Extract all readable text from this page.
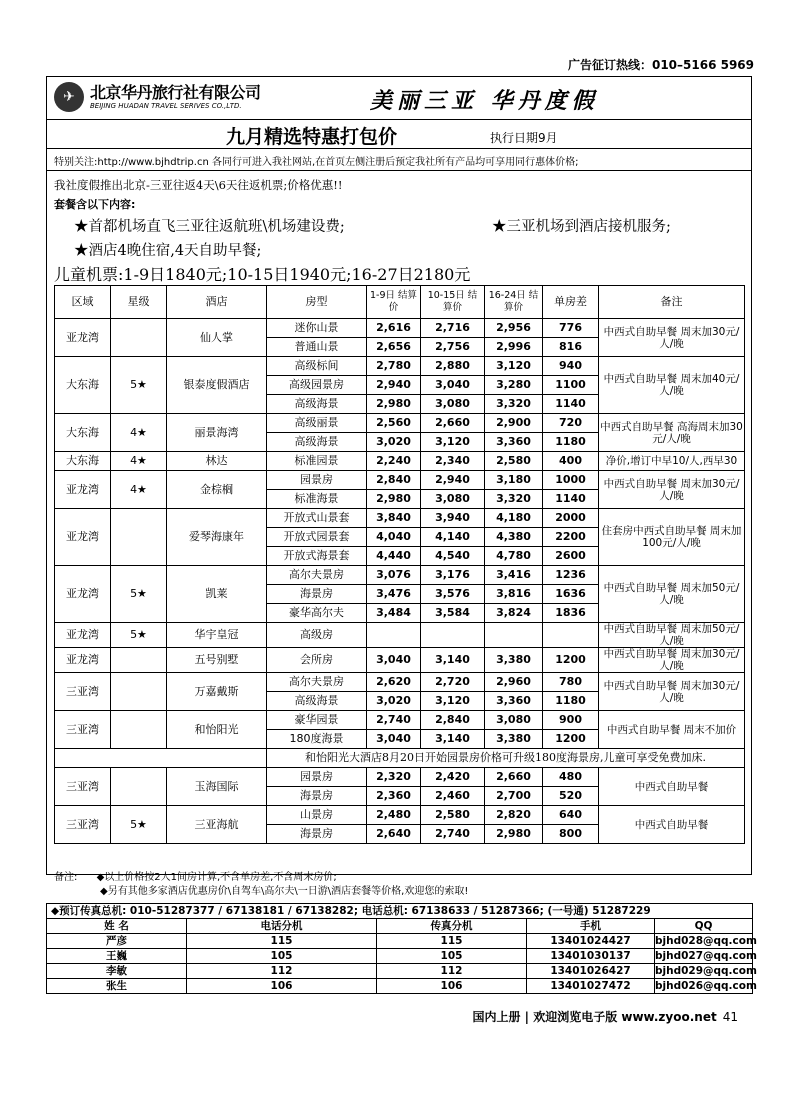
广告征订热线：010–5166 5969
✈ 北京华丹旅行社有限公司
BEIJING HUADAN TRAVEL SERIVES CO.,LTD.	美丽三亚 华丹度假
九月精选特惠打包价	执行日期9月
特别关注:http://www.bjhdtrip.cn 各同行可进入我社网站,在首页左侧注册后预定我社所有产品均可享用同行惠体价格;
我社度假推出北京-三亚往返4天\6天往返机票;价格优惠!!
套餐含以下内容:
★首都机场直飞三亚往返航班\机场建设费;	★三亚机场到酒店接机服务;
★酒店4晚住宿,4天自助早餐;
儿童机票:1-9日1840元;10-15日1940元;16-27日2180元
区域	星级	酒店	房型	1-9日 结算价	10-15日 结算价	16-24日 结算价	单房差	备注
亚龙湾		仙人掌	迷你山景	2,616	2,716	2,956	776	中西式自助早餐 周末加30元/人/晚
			普通山景	2,656	2,756	2,996	816	
大东海	5★	银泰度假酒店	高级标间	2,780	2,880	3,120	940	中西式自助早餐 周末加40元/人/晚
			高级园景房	2,940	3,040	3,280	1100	
			高级海景	2,980	3,080	3,320	1140	
大东海	4★	丽景海湾	高级丽景	2,560	2,660	2,900	720	中西式自助早餐 高海周末加30元/人/晚
			高级海景	3,020	3,120	3,360	1180	
大东海	4★	林达	标准园景	2,240	2,340	2,580	400	净价,增订中早10/人,西早30
亚龙湾	4★	金棕榈	园景房	2,840	2,940	3,180	1000	中西式自助早餐 周末加30元/人/晚
			标准海景	2,980	3,080	3,320	1140	
亚龙湾		爱琴海康年	开放式山景套	3,840	3,940	4,180	2000	住套房中西式自助早餐 周末加100元/人/晚
			开放式园景套	4,040	4,140	4,380	2200	
			开放式海景套	4,440	4,540	4,780	2600	
亚龙湾	5★	凯莱	高尔夫景房	3,076	3,176	3,416	1236	中西式自助早餐 周末加50元/人/晚
			海景房	3,476	3,576	3,816	1636	
			豪华高尔夫	3,484	3,584	3,824	1836	
亚龙湾	5★	华宇皇冠	高级房					中西式自助早餐 周末加50元/人/晚
亚龙湾		五号别墅	会所房	3,040	3,140	3,380	1200	中西式自助早餐 周末加30元/人/晚
三亚湾		万嘉戴斯	高尔夫景房	2,620	2,720	2,960	780	中西式自助早餐 周末加30元/人/晚
			高级海景	3,020	3,120	3,360	1180	
三亚湾		和怡阳光	豪华园景	2,740	2,840	3,080	900	中西式自助早餐 周末不加价
			180度海景	3,040	3,140	3,380	1200	
			和怡阳光大酒店8月20日开始园景房价格可升级180度海景房,儿童可享受免费加床.					
三亚湾		玉海国际	园景房	2,320	2,420	2,660	480	中西式自助早餐
			海景房	2,360	2,460	2,700	520	
三亚湾	5★	三亚海航	山景房	2,480	2,580	2,820	640	中西式自助早餐
			海景房	2,640	2,740	2,980	800	
备注: ◆以上价格按2人1间房计算,不含单房差,不含周末房价;
◆另有其他多家酒店优惠房价\自驾车\高尔夫\一日游\酒店套餐等价格,欢迎您的索取!
◆预订传真总机: 010-51287377 / 67138181 / 67138282; 电话总机: 67138633 / 51287366; (一号通) 51287229				
姓 名	电话分机	传真分机	手机	QQ
严彦	115	115	13401024427	bjhd028@qq.com
王巍	105	105	13401030137	bjhd027@qq.com
李敏	112	112	13401026427	bjhd029@qq.com
张生	106	106	13401027472	bjhd026@qq.com
国内上册 | 欢迎浏览电子版 www.zyoo.net 41
